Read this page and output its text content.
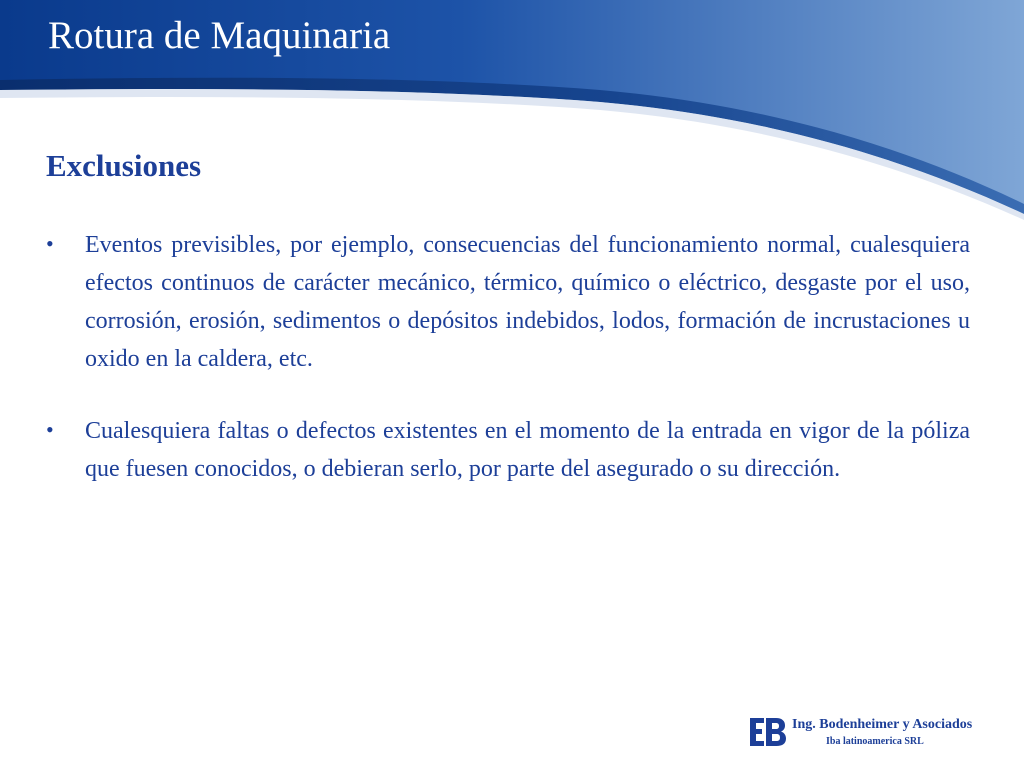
Rotura de Maquinaria
Exclusiones
• Eventos previsibles, por ejemplo, consecuencias del funcionamiento normal, cualesquiera efectos continuos de carácter mecánico, térmico, químico o eléctrico, desgaste por el uso, corrosión, erosión, sedimentos o depósitos indebidos, lodos, formación de incrustaciones u oxido en la caldera, etc.
• Cualesquiera faltas o defectos existentes en el momento de la entrada en vigor de la póliza que fuesen conocidos, o debieran serlo, por parte del asegurado o su dirección.
Ing. Bodenheimer y Asociados
Iba latinoamerica SRL
